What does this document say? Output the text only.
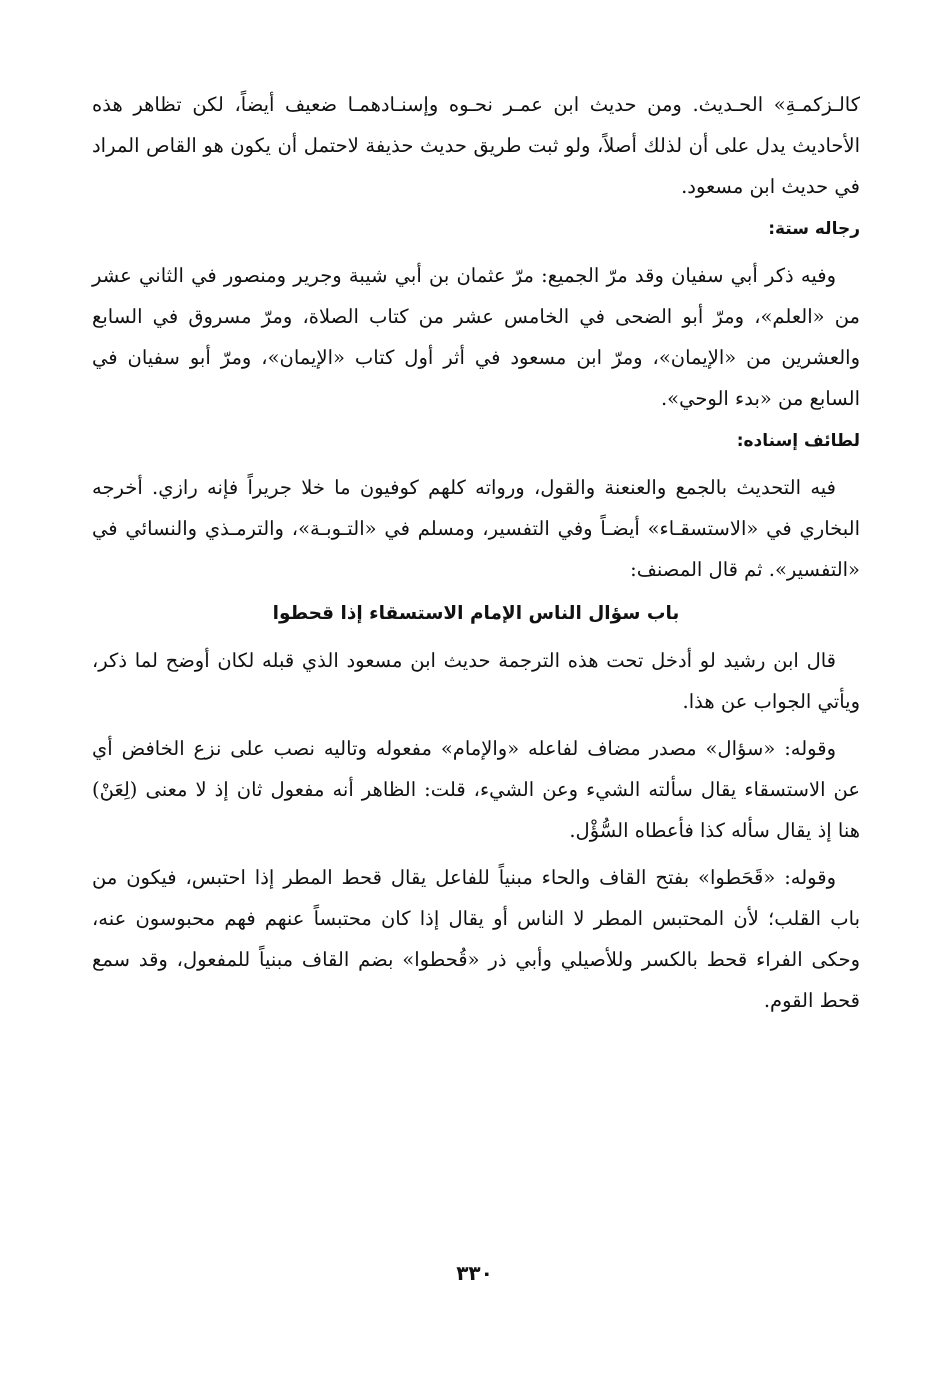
كالـزكمـةِ» الحـديث. ومن حديث ابن عمـر نحـوه وإسنـادهمـا ضعيف أيضاً، لكن تظاهر هذه الأحاديث يدل على أن لذلك أصلاً، ولو ثبت طريق حديث حذيفة لاحتمل أن يكون هو القاص المراد في حديث ابن مسعود.

رجاله ستة:

وفيه ذكر أبي سفيان وقد مرّ الجميع: مرّ عثمان بن أبي شيبة وجرير ومنصور في الثاني عشر من «العلم»، ومرّ أبو الضحى في الخامس عشر من كتاب الصلاة، ومرّ مسروق في السابع والعشرين من «الإيمان»، ومرّ ابن مسعود في أثر أول كتاب «الإيمان»، ومرّ أبو سفيان في السابع من «بدء الوحي».

لطائف إسناده:

فيه التحديث بالجمع والعنعنة والقول، ورواته كلهم كوفيون ما خلا جريراً فإنه رازي. أخرجه البخاري في «الاستسقـاء» أيضـاً وفي التفسير، ومسلم في «التـوبـة»، والترمـذي والنسائي في «التفسير». ثم قال المصنف:

باب سؤال الناس الإمام الاستسقاء إذا قحطوا

قال ابن رشيد لو أدخل تحت هذه الترجمة حديث ابن مسعود الذي قبله لكان أوضح لما ذكر، ويأتي الجواب عن هذا.

وقوله: «سؤال» مصدر مضاف لفاعله «والإمام» مفعوله وتاليه نصب على نزع الخافض أي عن الاستسقاء يقال سألته الشيء وعن الشيء، قلت: الظاهر أنه مفعول ثان إذ لا معنى (لِعَنْ) هنا إذ يقال سأله كذا فأعطاه السُّؤْل.

وقوله: «قَحَطوا» بفتح القاف والحاء مبنياً للفاعل يقال قحط المطر إذا احتبس، فيكون من باب القلب؛ لأن المحتبس المطر لا الناس أو يقال إذا كان محتبساً عنهم فهم محبوسون عنه، وحكى الفراء قحط بالكسر وللأصيلي وأبي ذر «قُحطوا» بضم القاف مبنياً للمفعول، وقد سمع قحط القوم.

٣٣٠
